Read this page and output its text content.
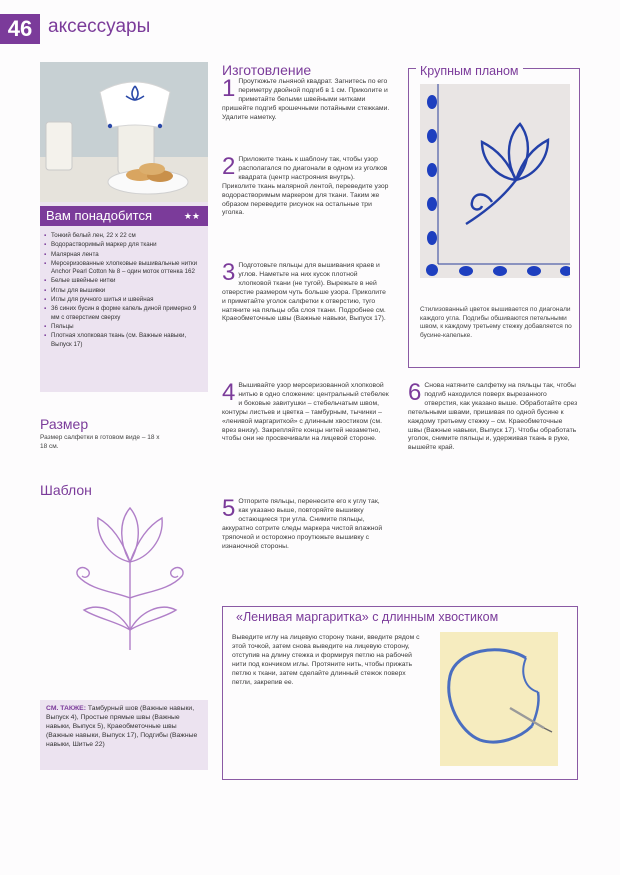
46 аксессуары
Вам понадобится	★★
▪ Тонкий белый лен, 22 x 22 см
▪ Водорастворимый маркер для ткани
▪ Малярная лента
▪ Мерсеризованные хлопковые вышивальные нитки Anchor Pearl Cotton № 8 – один моток оттенка 162
▪ Белые швейные нитки
▪ Иглы для вышивки
▪ Иглы для ручного шитья и швейная
▪ 36 синих бусин в форме капель диной примерно 9 мм с отверстием сверху
▪ Пяльцы
▪ Плотная хлопковая ткань (см. Важные навыки, Выпуск 17)
Размер
Размер салфетки в готовом виде – 18 x 18 см.
Шаблон
СМ. ТАКЖЕ: Тамбурный шов (Важные навыки, Выпуск 4), Простые прямые швы (Важные навыки, Выпуск 5), Краеобметочные швы (Важные навыки, Выпуск 17), Подгибы (Важные навыки, Шитье 22)
Изготовление
1 Проутюжьте льняной квадрат. Загнитесь по его периметру двойной подгиб в 1 см. Приколите и приметайте белыми швейными нитками пришейте подгиб крошечными потайными стежками. Удалите наметку.
2 Приложите ткань к шаблону так, чтобы узор располагался по диагонали в одном из уголков квадрата (центр настрояния внутрь). Приколите ткань малярной лентой, переведите узор водорастворимым маркером для ткани. Таким же образом переведите рисунок на остальные три уголка.
3 Подготовьте пяльцы для вышивания краев и углов. Наметьте на них кусок плотной хлопковой ткани (не тугой). Вырежьте в ней отверстие размером чуть больше узора. Приколите и приметайте уголок салфетки к отверстию, туго натяните на пяльцы оба слоя ткани. Подробнее см. Краеобметочные швы (Важные навыки, Выпуск 17).
4 Вышивайте узор мерсеризованной хлопковой нитью в одно сложение: центральный стебелек и боковые завитушки – стебельчатым швом, контуры листьев и цветка – тамбурным, тычинки – «ленивой маргариткой» с длинным хвостиком (см. врез внизу). Закрепляйте концы нитей незаметно, чтобы они не просвечивали на лицевой стороне.
5 Отпорите пяльцы, перенесите его к углу так, как указано выше, повторяйте вышивку остающиеся три угла. Снимите пяльцы, аккуратно сотрите следы маркера чистой влажной тряпочкой и осторожно проутюжьте вышивку с изнаночной стороны.
Крупным планом
Стилизованный цветок вышивается по диагонали каждого угла. Подгибы обшиваются петельными швом, к каждому третьему стежку добавляется по бусине-капельке.
6 Снова натяните салфетку на пяльцы так, чтобы подгиб находился поверх вырезанного отверстия, как указано выше. Обработайте срез петельными швами, пришивая по одной бусине к каждому третьему стежку – см. Краеобметочные швы (Важные навыки, Выпуск 17). Чтобы обработать уголок, снимите пяльцы и, удерживая ткань в руке, вышейте край.
«Ленивая маргаритка» с длинным хвостиком
Выведите иглу на лицевую сторону ткани, введите рядом с этой точкой, затем снова выведите на лицевую сторону, отступив на длину стежка и формируя петлю на рабочей нити под кончиком иглы. Протяните нить, чтобы прижать петлю к ткани, затем сделайте длинный стежок поверх петли, закрепив ее.
